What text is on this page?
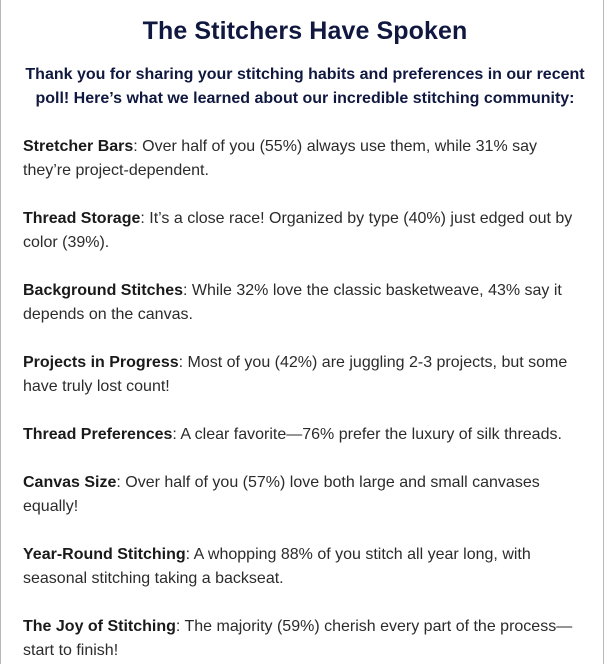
The Stitchers Have Spoken

Thank you for sharing your stitching habits and preferences in our recent poll! Here’s what we learned about our incredible stitching community:

Stretcher Bars: Over half of you (55%) always use them, while 31% say they’re project-dependent.

Thread Storage: It’s a close race! Organized by type (40%) just edged out by color (39%).

Background Stitches: While 32% love the classic basketweave, 43% say it depends on the canvas.

Projects in Progress: Most of you (42%) are juggling 2-3 projects, but some have truly lost count!

Thread Preferences: A clear favorite—76% prefer the luxury of silk threads.

Canvas Size: Over half of you (57%) love both large and small canvases equally!

Year-Round Stitching: A whopping 88% of you stitch all year long, with seasonal stitching taking a backseat.

The Joy of Stitching: The majority (59%) cherish every part of the process—start to finish!
